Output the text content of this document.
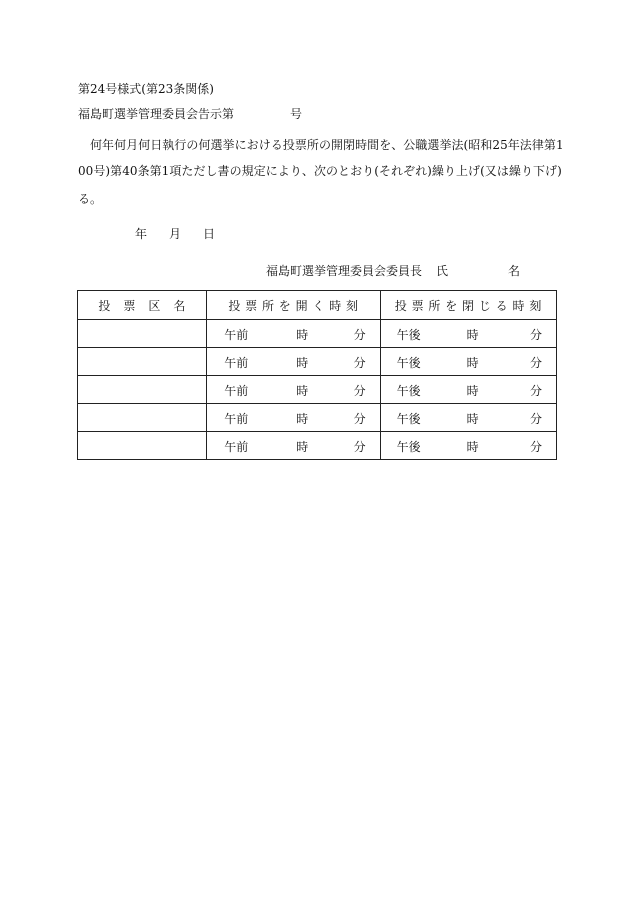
第24号様式(第23条関係)
福島町選挙管理委員会告示第	号
何年何月何日執行の何選挙における投票所の開閉時間を、公職選挙法(昭和25年法律第1
00号)第40条第1項ただし書の規定により、次のとおり(それぞれ)繰り上げ(又は繰り下げ)
る。
年 月 日
福島町選挙管理委員会委員長 氏	名
投　票　区　名	投 票 所 を 開 く 時 刻	投 票 所 を 閉 じ る 時 刻

	午前 時 分	午後 時 分

	午前 時 分	午後 時 分

	午前 時 分	午後 時 分

	午前 時 分	午後 時 分

	午前 時 分	午後 時 分
